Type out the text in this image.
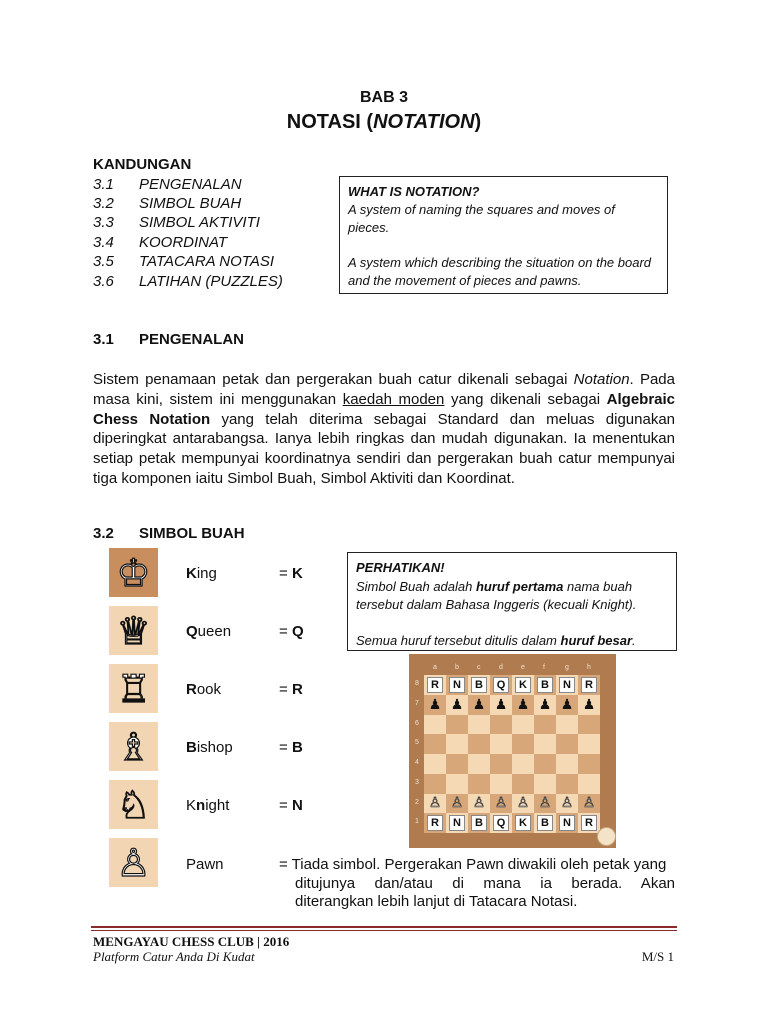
BAB 3
NOTASI (NOTATION)
KANDUNGAN
3.1 PENGENALAN
3.2 SIMBOL BUAH
3.3 SIMBOL AKTIVITI
3.4 KOORDINAT
3.5 TATACARA NOTASI
3.6 LATIHAN (PUZZLES)
WHAT IS NOTATION?
A system of naming the squares and moves of pieces.
A system which describing the situation on the board and the movement of pieces and pawns.
3.1 PENGENALAN
Sistem penamaan petak dan pergerakan buah catur dikenali sebagai Notation. Pada masa kini, sistem ini menggunakan kaedah moden yang dikenali sebagai Algebraic Chess Notation yang telah diterima sebagai Standard dan meluas digunakan diperingkat antarabangsa. Ianya lebih ringkas dan mudah digunakan. Ia menentukan setiap petak mempunyai koordinatnya sendiri dan pergerakan buah catur mempunyai tiga komponen iaitu Simbol Buah, Simbol Aktiviti dan Koordinat.
3.2 SIMBOL BUAH
♔ King	= K
♕ Queen	= Q
♖ Rook	= R
♗ Bishop	= B
♘ Knight	= N
♙ Pawn	= Tiada simbol. Pergerakan Pawn diwakili oleh petak yang
ditujunya dan/atau di mana ia berada. Akan
diterangkan lebih lanjut di Tatacara Notasi.
PERHATIKAN!
Simbol Buah adalah huruf pertama nama buah tersebut dalam Bahasa Inggeris (kecuali Knight).
Semua huruf tersebut ditulis dalam huruf besar.
a	b	c	d	e	f	g	h
8
7
6
5
4
3
2
1
R	N	B	Q	K	B	N	R
♟ ♟ ♟ ♟ ♟ ♟ ♟ ♟
♙ ♙ ♙ ♙ ♙ ♙ ♙ ♙
R	N	B	Q	K	B	N	R
MENGAYAU CHESS CLUB | 2016
Platform Catur Anda Di Kudat	M/S 1
